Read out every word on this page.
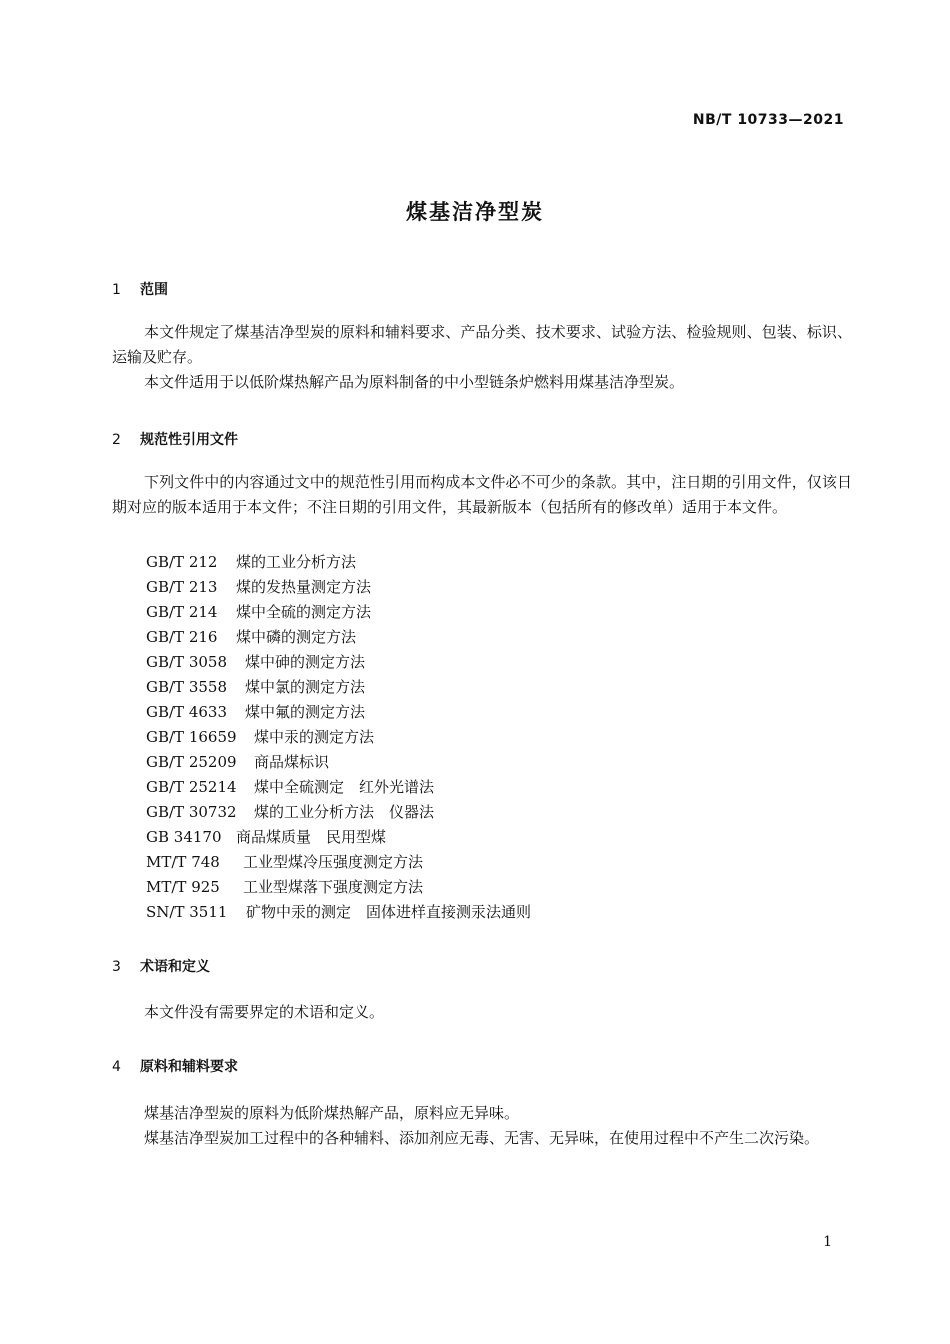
NB/T 10733—2021
煤基洁净型炭
1 范围
本文件规定了煤基洁净型炭的原料和辅料要求、产品分类、技术要求、试验方法、检验规则、包装、标识、运输及贮存。
本文件适用于以低阶煤热解产品为原料制备的中小型链条炉燃料用煤基洁净型炭。
2 规范性引用文件
下列文件中的内容通过文中的规范性引用而构成本文件必不可少的条款。其中，注日期的引用文件，仅该日期对应的版本适用于本文件；不注日期的引用文件，其最新版本（包括所有的修改单）适用于本文件。
GB/T 212 煤的工业分析方法
GB/T 213 煤的发热量测定方法
GB/T 214 煤中全硫的测定方法
GB/T 216 煤中磷的测定方法
GB/T 3058 煤中砷的测定方法
GB/T 3558 煤中氯的测定方法
GB/T 4633 煤中氟的测定方法
GB/T 16659 煤中汞的测定方法
GB/T 25209 商品煤标识
GB/T 25214 煤中全硫测定　红外光谱法
GB/T 30732 煤的工业分析方法　仪器法
GB 34170 商品煤质量　民用型煤
MT/T 748 工业型煤冷压强度测定方法
MT/T 925 工业型煤落下强度测定方法
SN/T 3511 矿物中汞的测定　固体进样直接测汞法通则
3 术语和定义
本文件没有需要界定的术语和定义。
4 原料和辅料要求
煤基洁净型炭的原料为低阶煤热解产品，原料应无异味。
煤基洁净型炭加工过程中的各种辅料、添加剂应无毒、无害、无异味，在使用过程中不产生二次污染。
1
